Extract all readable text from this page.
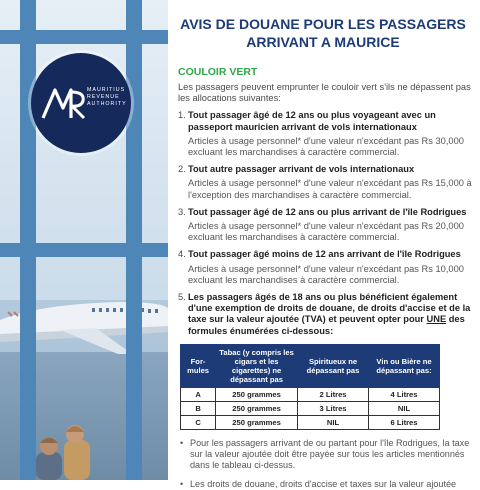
MAURITIUS
REVENUE
AUTHORITY
AVIS DE DOUANE POUR LES PASSAGERS
ARRIVANT A MAURICE
COULOIR VERT
Les passagers peuvent emprunter le couloir vert s'ils ne dépassent pas les allocations suivantes:
1. Tout passager âgé de 12 ans ou plus voyageant avec un passeport mauricien arrivant de vols internationaux
Articles à usage personnel* d'une valeur n'excédant pas Rs 30,000 excluant les marchandises à caractère commercial.
2. Tout autre passager arrivant de vols internationaux
Articles à usage personnel* d'une valeur n'excédant pas Rs 15,000 à l'exception des marchandises à caractère commercial.
3. Tout passager âgé de 12 ans ou plus arrivant de l'île Rodrigues
Articles à usage personnel* d'une valeur n'excédant pas Rs 20,000 excluant les marchandises à caractère commercial.
4. Tout passager âgé moins de 12 ans arrivant de l'île Rodrigues
Articles à usage personnel* d'une valeur n'excédant pas Rs 10,000 excluant les marchandises à caractère commercial.
5. Les passagers âgés de 18 ans ou plus bénéficient également d'une exemption de droits de douane, de droits d'accise et de la taxe sur la valeur ajoutée (TVA) et peuvent opter pour UNE des formules énumérées ci-dessous:
For-mules	Tabac (y compris les cigars et les cigarettes) ne dépassant pas	Spiritueux ne dépassant pas	Vin ou Bière ne dépassant pas:
A	250 grammes	2 Litres	4 Litres
B	250 grammes	3 Litres	NIL
C	250 grammes	NIL	6 Litres
• Pour les passagers arrivant de ou partant pour l'île Rodrigues, la taxe sur la valeur ajoutée doit être payée sur tous les articles mentionnés dans le tableau ci-dessus.
• Les droits de douane, droits d'accise et taxes sur la valeur ajoutée
